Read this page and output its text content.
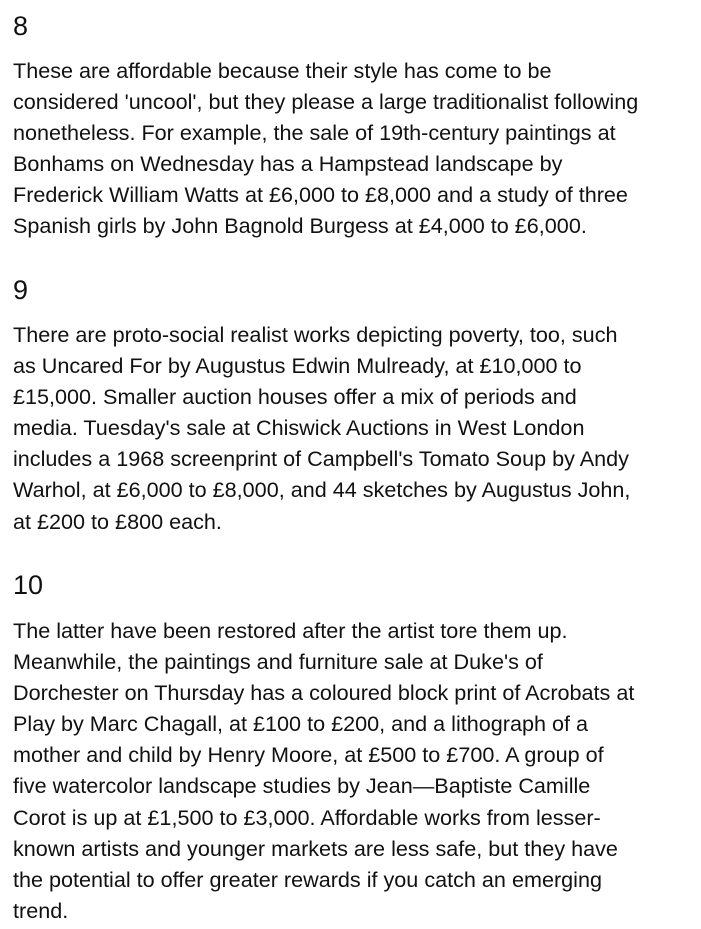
8
These are affordable because their style has come to be
considered 'uncool', but they please a large traditionalist following
nonetheless. For example, the sale of 19th-century paintings at
Bonhams on Wednesday has a Hampstead landscape by
Frederick William Watts at £6,000 to £8,000 and a study of three
Spanish girls by John Bagnold Burgess at £4,000 to £6,000.
9
There are proto-social realist works depicting poverty, too, such
as Uncared For by Augustus Edwin Mulready, at £10,000 to
£15,000. Smaller auction houses offer a mix of periods and
media. Tuesday's sale at Chiswick Auctions in West London
includes a 1968 screenprint of Campbell's Tomato Soup by Andy
Warhol, at £6,000 to £8,000, and 44 sketches by Augustus John,
at £200 to £800 each.
10
The latter have been restored after the artist tore them up.
Meanwhile, the paintings and furniture sale at Duke's of
Dorchester on Thursday has a coloured block print of Acrobats at
Play by Marc Chagall, at £100 to £200, and a lithograph of a
mother and child by Henry Moore, at £500 to £700. A group of
five watercolor landscape studies by Jean—Baptiste Camille
Corot is up at £1,500 to £3,000. Affordable works from lesser-
known artists and younger markets are less safe, but they have
the potential to offer greater rewards if you catch an emerging
trend.
